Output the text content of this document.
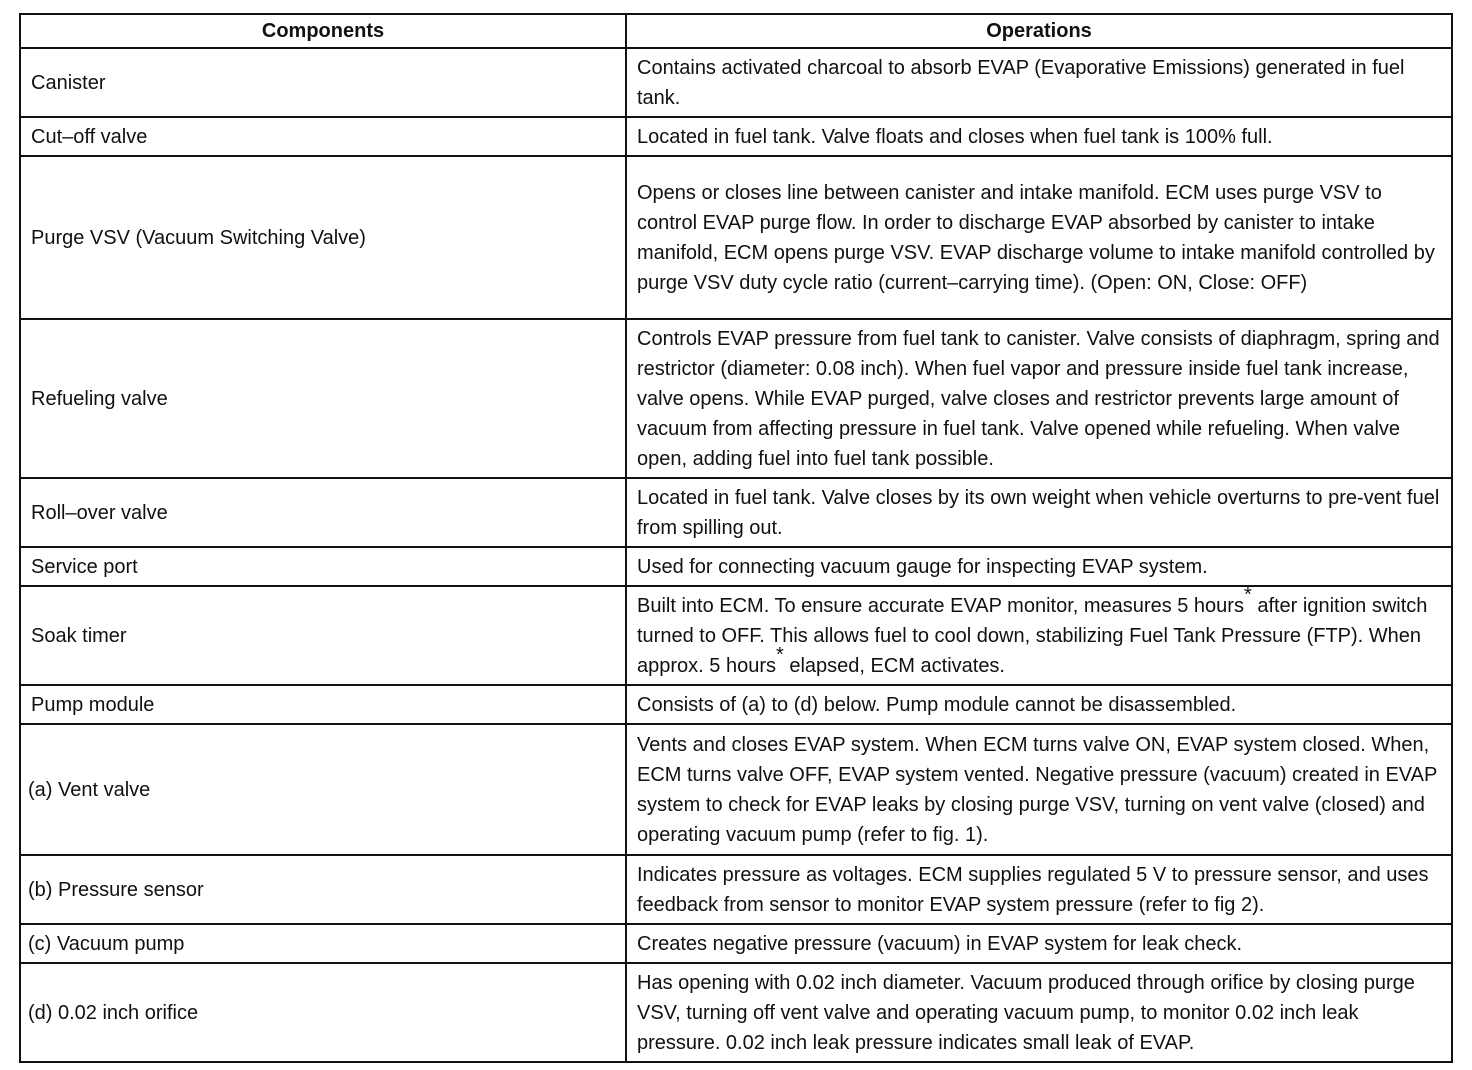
Components	Operations
Canister	Contains activated charcoal to absorb EVAP (Evaporative Emissions) generated in fuel tank.
Cut–off valve	Located in fuel tank. Valve floats and closes when fuel tank is 100% full.
Purge VSV (Vacuum Switching Valve)	Opens or closes line between canister and intake manifold. ECM uses purge VSV to control EVAP purge flow. In order to discharge EVAP absorbed by canister to intake manifold, ECM opens purge VSV. EVAP discharge volume to intake manifold controlled by purge VSV duty cycle ratio (current–carrying time). (Open: ON, Close: OFF)
Refueling valve	Controls EVAP pressure from fuel tank to canister. Valve consists of diaphragm, spring and restrictor (diameter: 0.08 inch). When fuel vapor and pressure inside fuel tank increase, valve opens. While EVAP purged, valve closes and restrictor prevents large amount of vacuum from affecting pressure in fuel tank. Valve opened while refueling. When valve open, adding fuel into fuel tank possible.
Roll–over valve	Located in fuel tank. Valve closes by its own weight when vehicle overturns to pre-vent fuel from spilling out.
Service port	Used for connecting vacuum gauge for inspecting EVAP system.
Soak timer	Built into ECM. To ensure accurate EVAP monitor, measures 5 hours* after ignition switch turned to OFF. This allows fuel to cool down, stabilizing Fuel Tank Pressure (FTP). When approx. 5 hours* elapsed, ECM activates.
Pump module	Consists of (a) to (d) below. Pump module cannot be disassembled.
(a) Vent valve	Vents and closes EVAP system. When ECM turns valve ON, EVAP system closed. When, ECM turns valve OFF, EVAP system vented. Negative pressure (vacuum) created in EVAP system to check for EVAP leaks by closing purge VSV, turning on vent valve (closed) and operating vacuum pump (refer to fig. 1).
(b) Pressure sensor	Indicates pressure as voltages. ECM supplies regulated 5 V to pressure sensor, and uses feedback from sensor to monitor EVAP system pressure (refer to fig 2).
(c) Vacuum pump	Creates negative pressure (vacuum) in EVAP system for leak check.
(d) 0.02 inch orifice	Has opening with 0.02 inch diameter. Vacuum produced through orifice by closing purge VSV, turning off vent valve and operating vacuum pump, to monitor 0.02 inch leak pressure. 0.02 inch leak pressure indicates small leak of EVAP.
